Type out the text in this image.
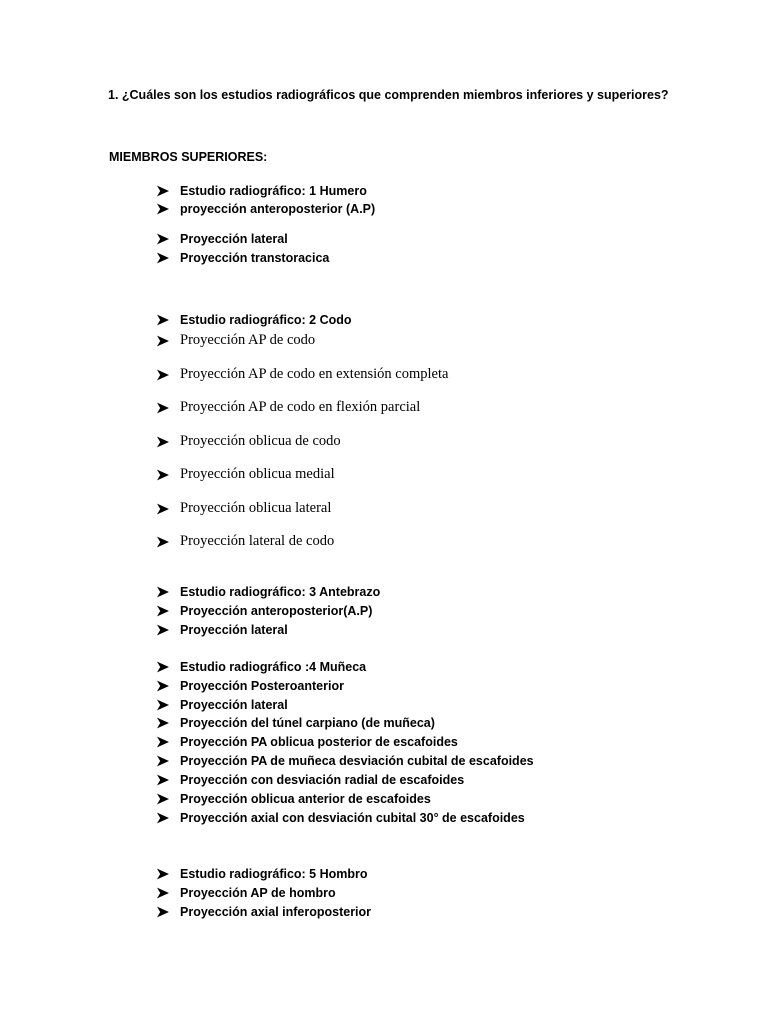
1. ¿Cuáles son los estudios radiográficos que comprenden miembros inferiores y superiores?
MIEMBROS SUPERIORES:
Estudio radiográfico: 1 Humero
proyección anteroposterior (A.P)
Proyección lateral
Proyección transtoracica
Estudio radiográfico: 2 Codo
Proyección AP de codo
Proyección AP de codo en extensión completa
Proyección AP de codo en flexión parcial
Proyección oblicua de codo
Proyección oblicua medial
Proyección oblicua lateral
Proyección lateral de codo
Estudio radiográfico: 3 Antebrazo
Proyección anteroposterior(A.P)
Proyección lateral
Estudio radiográfico :4 Muñeca
Proyección Posteroanterior
Proyección lateral
Proyección del túnel carpiano (de muñeca)
Proyección PA oblicua posterior de escafoides
Proyección PA de muñeca desviación cubital de escafoides
Proyección con desviación radial de escafoides
Proyección oblicua anterior de escafoides
Proyección axial con desviación cubital 30° de escafoides
Estudio radiográfico: 5 Hombro
Proyección AP de hombro
Proyección axial inferoposterior
